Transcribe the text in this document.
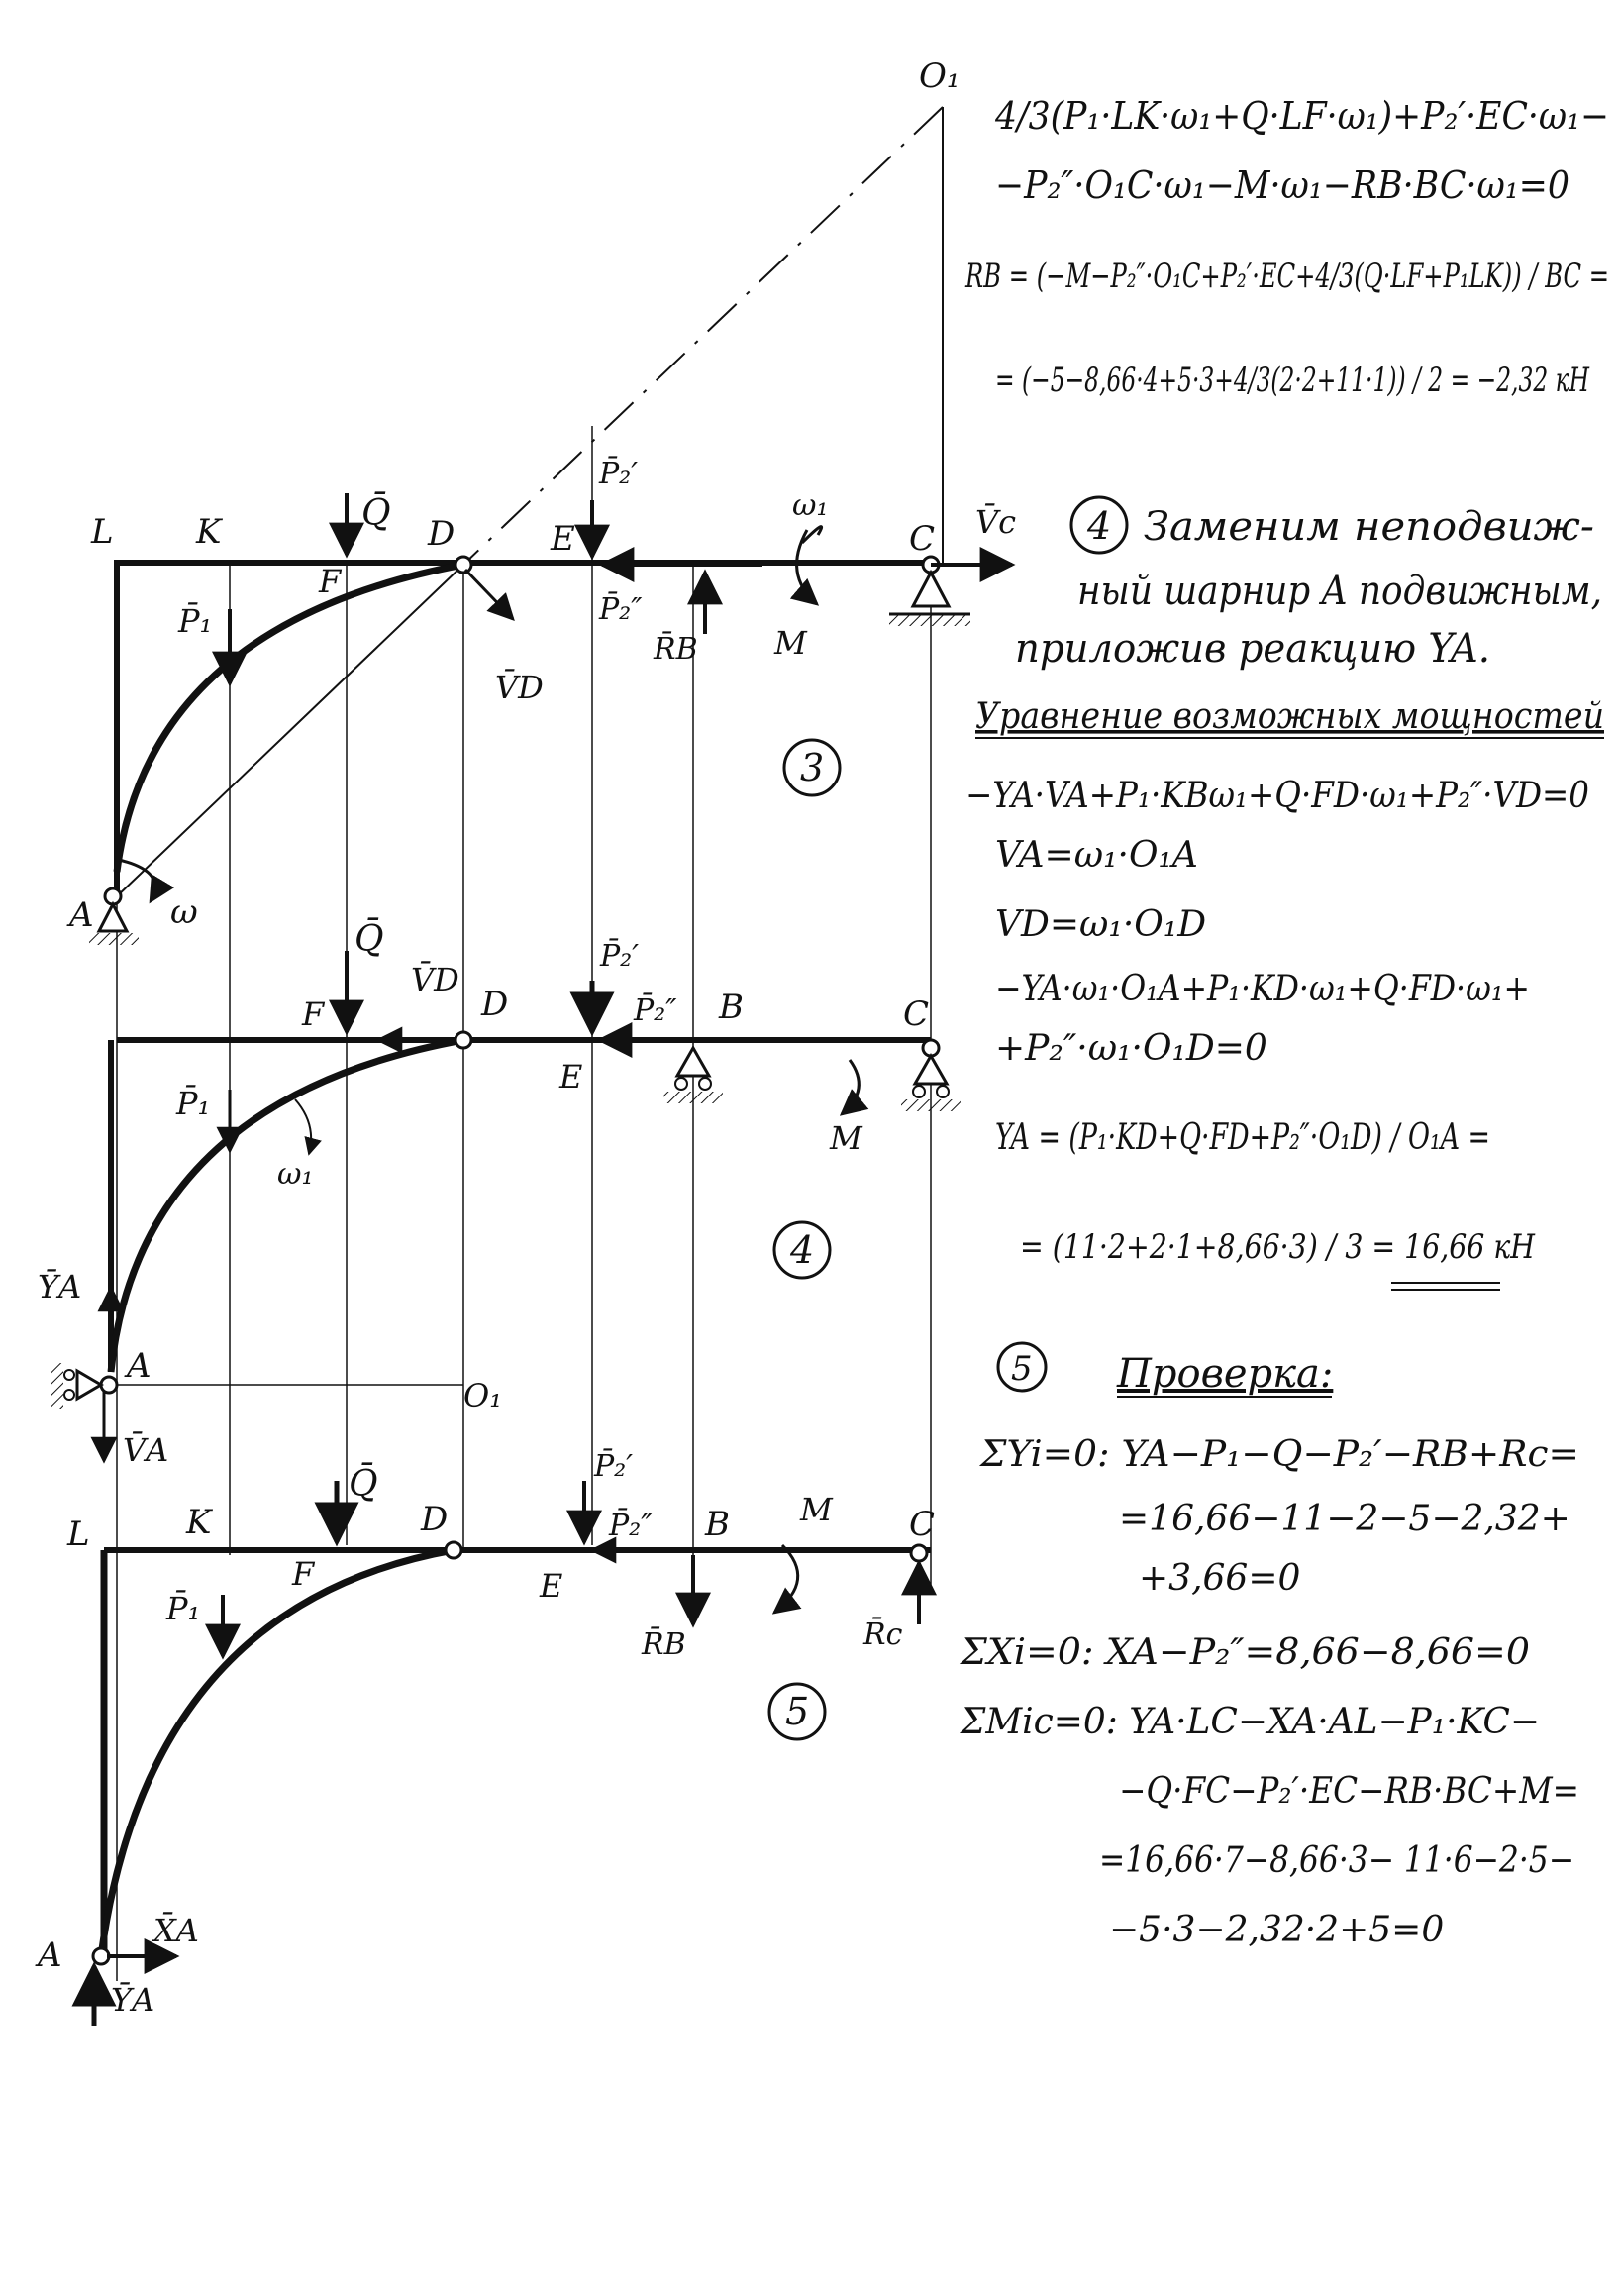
O₁
L K	Q̄ D	E	C V̄c
F
P̄₁
P̄₂′
P̄₂″
R̄B M
ω₁
V̄D
A ω
3
Q̄
V̄D
D
F
P̄₂′
P̄₂″ B	C
E
M
P̄₁
ω₁
ȲA
A
O₁
V̄A
4
L	K
Q̄
D
P̄₂′
P̄₂″ B M C
F	E
P̄₁
R̄B	R̄c
5
A
X̄A
ȲA
4/3(P₁·LK·ω₁+Q·LF·ω₁)+P₂′·EC·ω₁−
−P₂″·O₁C·ω₁−M·ω₁−RB·BC·ω₁=0
RB = (−M−P₂″·O₁C+P₂′·EC+4/3(Q·LF+P₁LK)) / BC =
= (−5−8,66·4+5·3+4/3(2·2+11·1)) / 2 = −2,32 кН
4 Заменим неподвиж-
ный шарнир A подвижным,
приложив реакцию YA.
Уравнение возможных мощностей
−YA·VA+P₁·KBω₁+Q·FD·ω₁+P₂″·VD=0
VA=ω₁·O₁A
VD=ω₁·O₁D
−YA·ω₁·O₁A+P₁·KD·ω₁+Q·FD·ω₁+
+P₂″·ω₁·O₁D=0
YA = (P₁·KD+Q·FD+P₂″·O₁D) / O₁A =
= (11·2+2·1+8,66·3) / 3 = 16,66 кН
5 Проверка:
ΣYi=0: YA−P₁−Q−P₂′−RB+Rc=
=16,66−11−2−5−2,32+
+3,66=0
ΣXi=0: XA−P₂″=8,66−8,66=0
ΣMic=0: YA·LC−XA·AL−P₁·KC−
−Q·FC−P₂′·EC−RB·BC+M=
=16,66·7−8,66·3− 11·6−2·5−
−5·3−2,32·2+5=0
